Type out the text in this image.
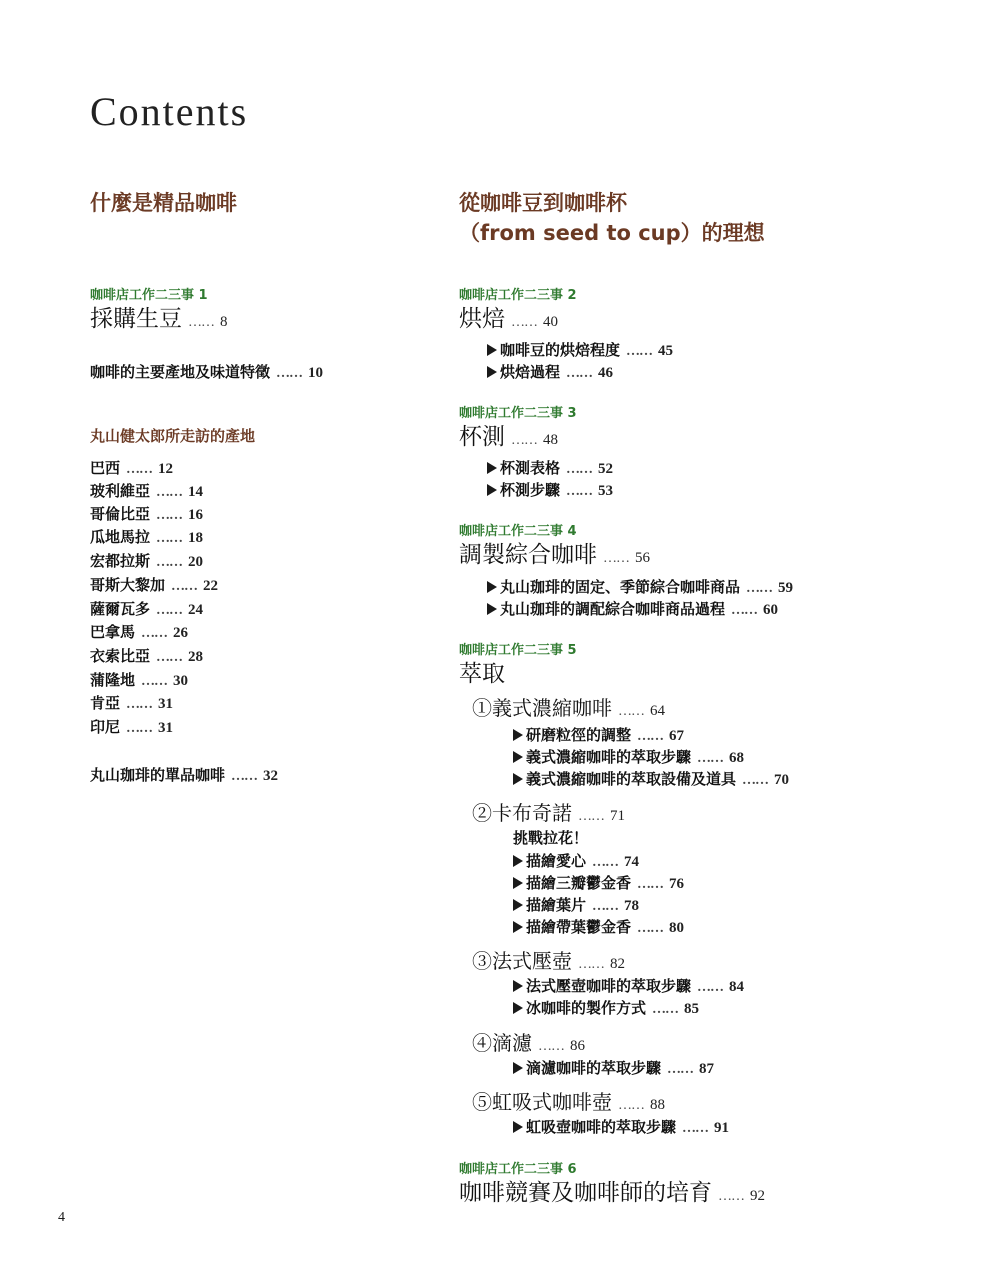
Contents
什麼是精品咖啡
咖啡店工作二三事 1
採購生豆 …… 8
咖啡的主要產地及味道特徵 …… 10
丸山健太郎所走訪的產地
巴西 …… 12
玻利維亞 …… 14
哥倫比亞 …… 16
瓜地馬拉 …… 18
宏都拉斯 …… 20
哥斯大黎加 …… 22
薩爾瓦多 …… 24
巴拿馬 …… 26
衣索比亞 …… 28
蒲隆地 …… 30
肯亞 …… 31
印尼 …… 31
丸山珈琲的單品咖啡 …… 32
從咖啡豆到咖啡杯
（from seed to cup）的理想
咖啡店工作二三事 2
烘焙 …… 40
咖啡豆的烘焙程度 …… 45
烘焙過程 …… 46
咖啡店工作二三事 3
杯測 …… 48
杯測表格 …… 52
杯測步驟 …… 53
咖啡店工作二三事 4
調製綜合咖啡 …… 56
丸山珈琲的固定、季節綜合咖啡商品 …… 59
丸山珈琲的調配綜合咖啡商品過程 …… 60
咖啡店工作二三事 5
萃取
①義式濃縮咖啡 …… 64
研磨粒徑的調整 …… 67
義式濃縮咖啡的萃取步驟 …… 68
義式濃縮咖啡的萃取設備及道具 …… 70
②卡布奇諾 …… 71
挑戰拉花！
描繪愛心 …… 74
描繪三瓣鬱金香 …… 76
描繪葉片 …… 78
描繪帶葉鬱金香 …… 80
③法式壓壺 …… 82
法式壓壺咖啡的萃取步驟 …… 84
冰咖啡的製作方式 …… 85
④滴濾 …… 86
滴濾咖啡的萃取步驟 …… 87
⑤虹吸式咖啡壺 …… 88
虹吸壺咖啡的萃取步驟 …… 91
咖啡店工作二三事 6
咖啡競賽及咖啡師的培育 …… 92
4
